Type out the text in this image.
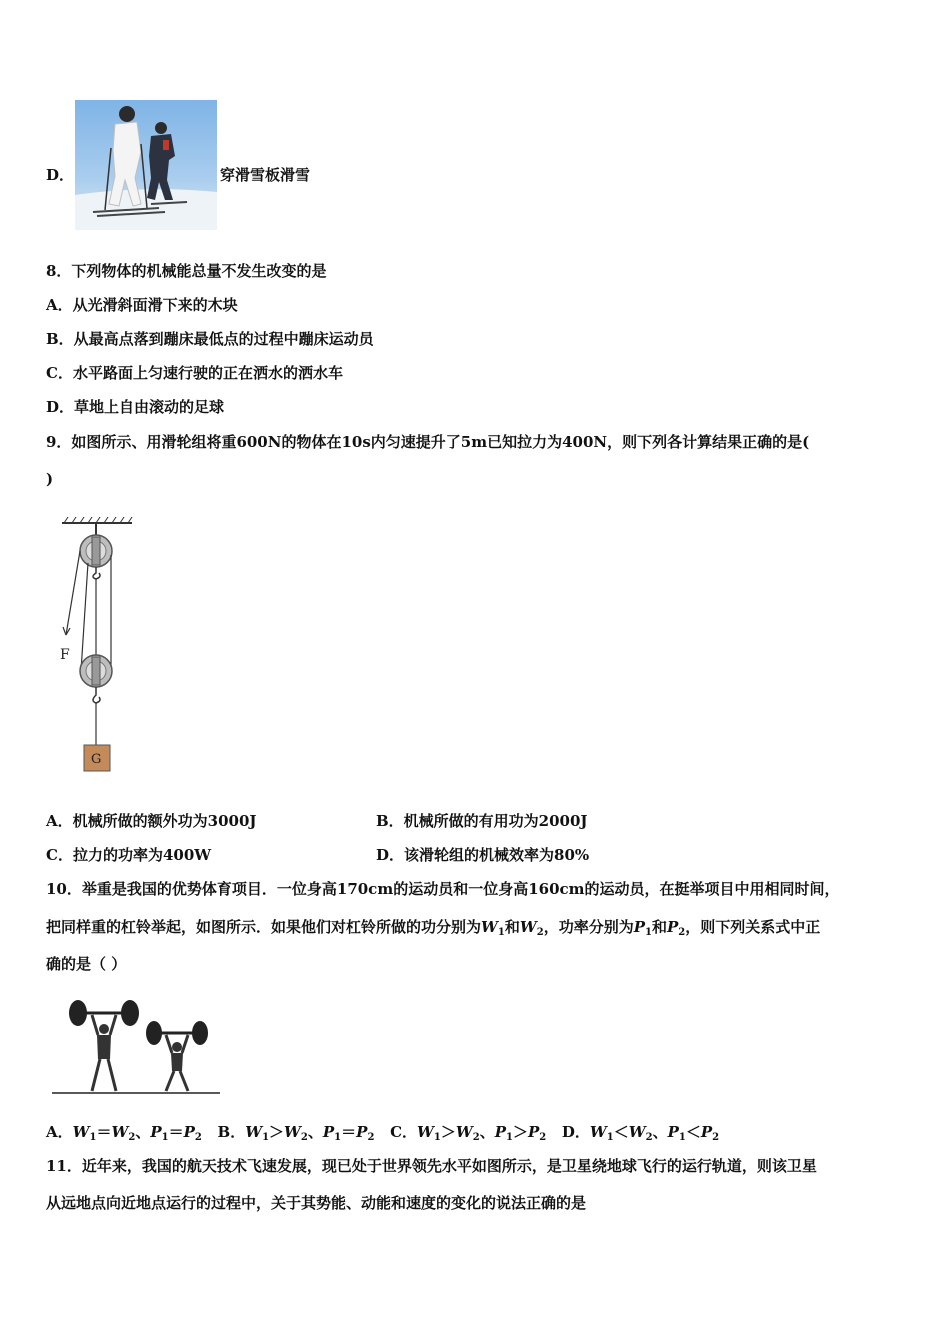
D．	穿滑雪板滑雪
8．下列物体的机械能总量不发生改变的是
A．从光滑斜面滑下来的木块
B．从最高点落到蹦床最低点的过程中蹦床运动员
C．水平路面上匀速行驶的正在洒水的洒水车
D．草地上自由滚动的足球
9．如图所示、用滑轮组将重600N的物体在10s内匀速提升了5m已知拉力为400N，则下列各计算结果正确的是(
)
F
G
A．机械所做的额外功为3000J	B．机械所做的有用功为2000J
C．拉力的功率为400W	D．该滑轮组的机械效率为80%
10．举重是我国的优势体育项目．一位身高170cm的运动员和一位身高160cm的运动员，在挺举项目中用相同时间，
把同样重的杠铃举起，如图所示．如果他们对杠铃所做的功分别为$W_1$和$W_2$，功率分别为$P_1$和$P_2$，则下列关系式中正
确的是（ ）
A．$W_1=W_2$、$P_1=P_2$ B．$W_1>W_2$、$P_1=P_2$ C．$W_1>W_2$、$P_1>P_2$ D．$W_1<W_2$、$P_1<P_2$
11．近年来，我国的航天技术飞速发展，现已处于世界领先水平如图所示，是卫星绕地球飞行的运行轨道，则该卫星
从远地点向近地点运行的过程中，关于其势能、动能和速度的变化的说法正确的是
